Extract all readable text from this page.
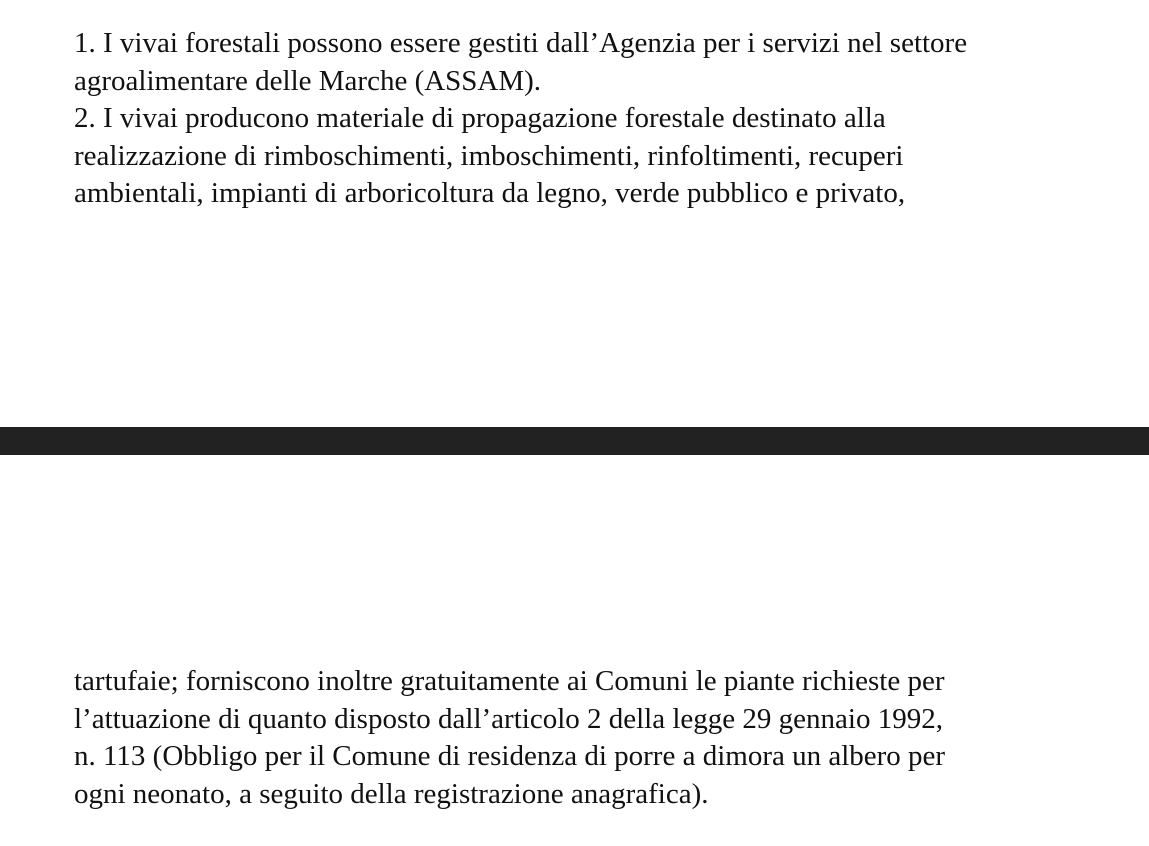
1. I vivai forestali possono essere gestiti dall’Agenzia per i servizi nel settore
agroalimentare delle Marche (ASSAM).
2. I vivai producono materiale di propagazione forestale destinato alla
realizzazione di rimboschimenti, imboschimenti, rinfoltimenti, recuperi
ambientali, impianti di arboricoltura da legno, verde pubblico e privato,
tartufaie; forniscono inoltre gratuitamente ai Comuni le piante richieste per
l’attuazione di quanto disposto dall’articolo 2 della legge 29 gennaio 1992,
n. 113 (Obbligo per il Comune di residenza di porre a dimora un albero per
ogni neonato, a seguito della registrazione anagrafica).
